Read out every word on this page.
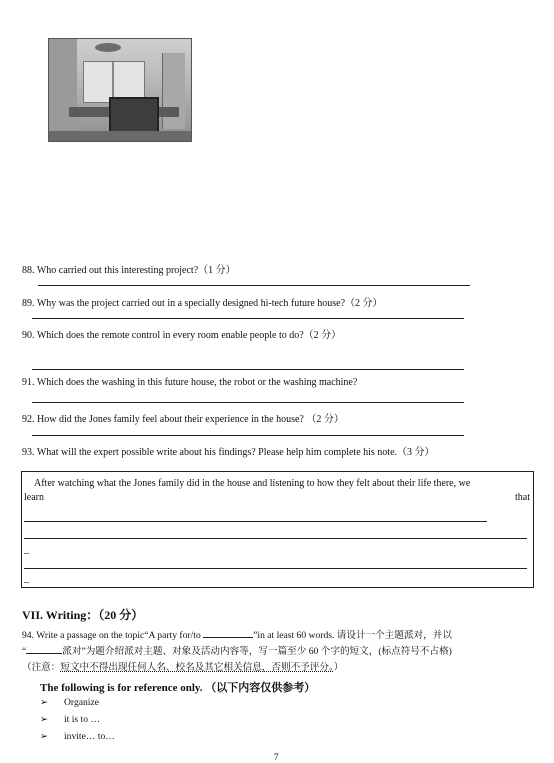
88. Who carried out this interesting project?（1 分）
89. Why was the project carried out in a specially designed hi-tech future house?（2 分）
90. Which does the remote control in every room enable people to do?（2 分）
91. Which does the washing in this future house, the robot or the washing machine?
92. How did the Jones family feel about their experience in the house? （2 分）
93. What will the expert possible write about his findings? Please help him complete his note.（3 分）
After watching what the Jones family did in the house and listening to how they felt about their life there, we
learn	that
_
_
VII. Writing：（20 分）
94. Write a passage on the topic“A party for/to	”in at least 60 words. 请设计一个主题派对，并以
“	派对”为题介绍派对主题、对象及活动内容等，写一篇至少 60 个字的短文，(标点符号不占格)
（注意：短文中不得出现任何人名、校名及其它相关信息，否则不予评分。）
The following is for reference only. （以下内容仅供参考）
➢ Organize
➢ it is to …
➢ invite… to…
7
